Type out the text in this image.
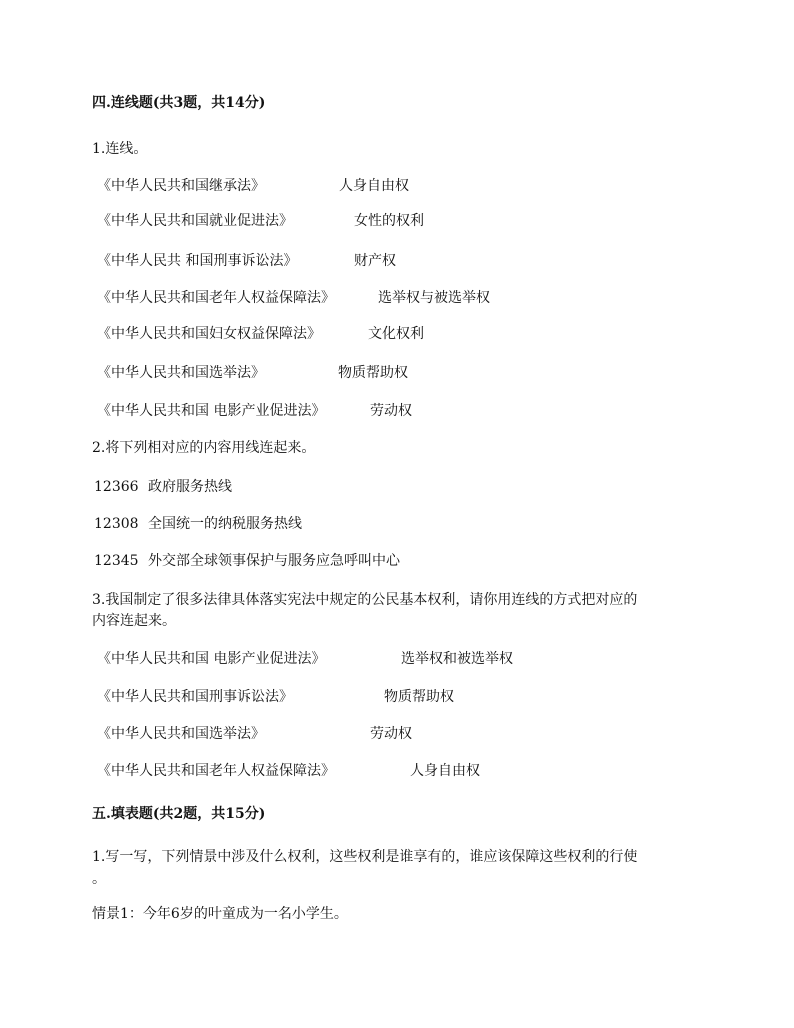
四.连线题(共3题，共14分)
1.连线。
《中华人民共和国继承法》	人身自由权
《中华人民共和国就业促进法》	女性的权利
《中华人民共 和国刑事诉讼法》	财产权
《中华人民共和国老年人权益保障法》	选举权与被选举权
《中华人民共和国妇女权益保障法》	文化权利
《中华人民共和国选举法》	物质帮助权
《中华人民共和国 电影产业促进法》	劳动权
2.将下列相对应的内容用线连起来。
12366 政府服务热线
12308 全国统一的纳税服务热线
12345 外交部全球领事保护与服务应急呼叫中心
3.我国制定了很多法律具体落实宪法中规定的公民基本权利，请你用连线的方式把对应的
内容连起来。
《中华人民共和国 电影产业促进法》	选举权和被选举权
《中华人民共和国刑事诉讼法》	物质帮助权
《中华人民共和国选举法》	劳动权
《中华人民共和国老年人权益保障法》	人身自由权
五.填表题(共2题，共15分)
1.写一写，下列情景中涉及什么权利，这些权利是谁享有的，谁应该保障这些权利的行使
。
情景1：今年6岁的叶童成为一名小学生。
